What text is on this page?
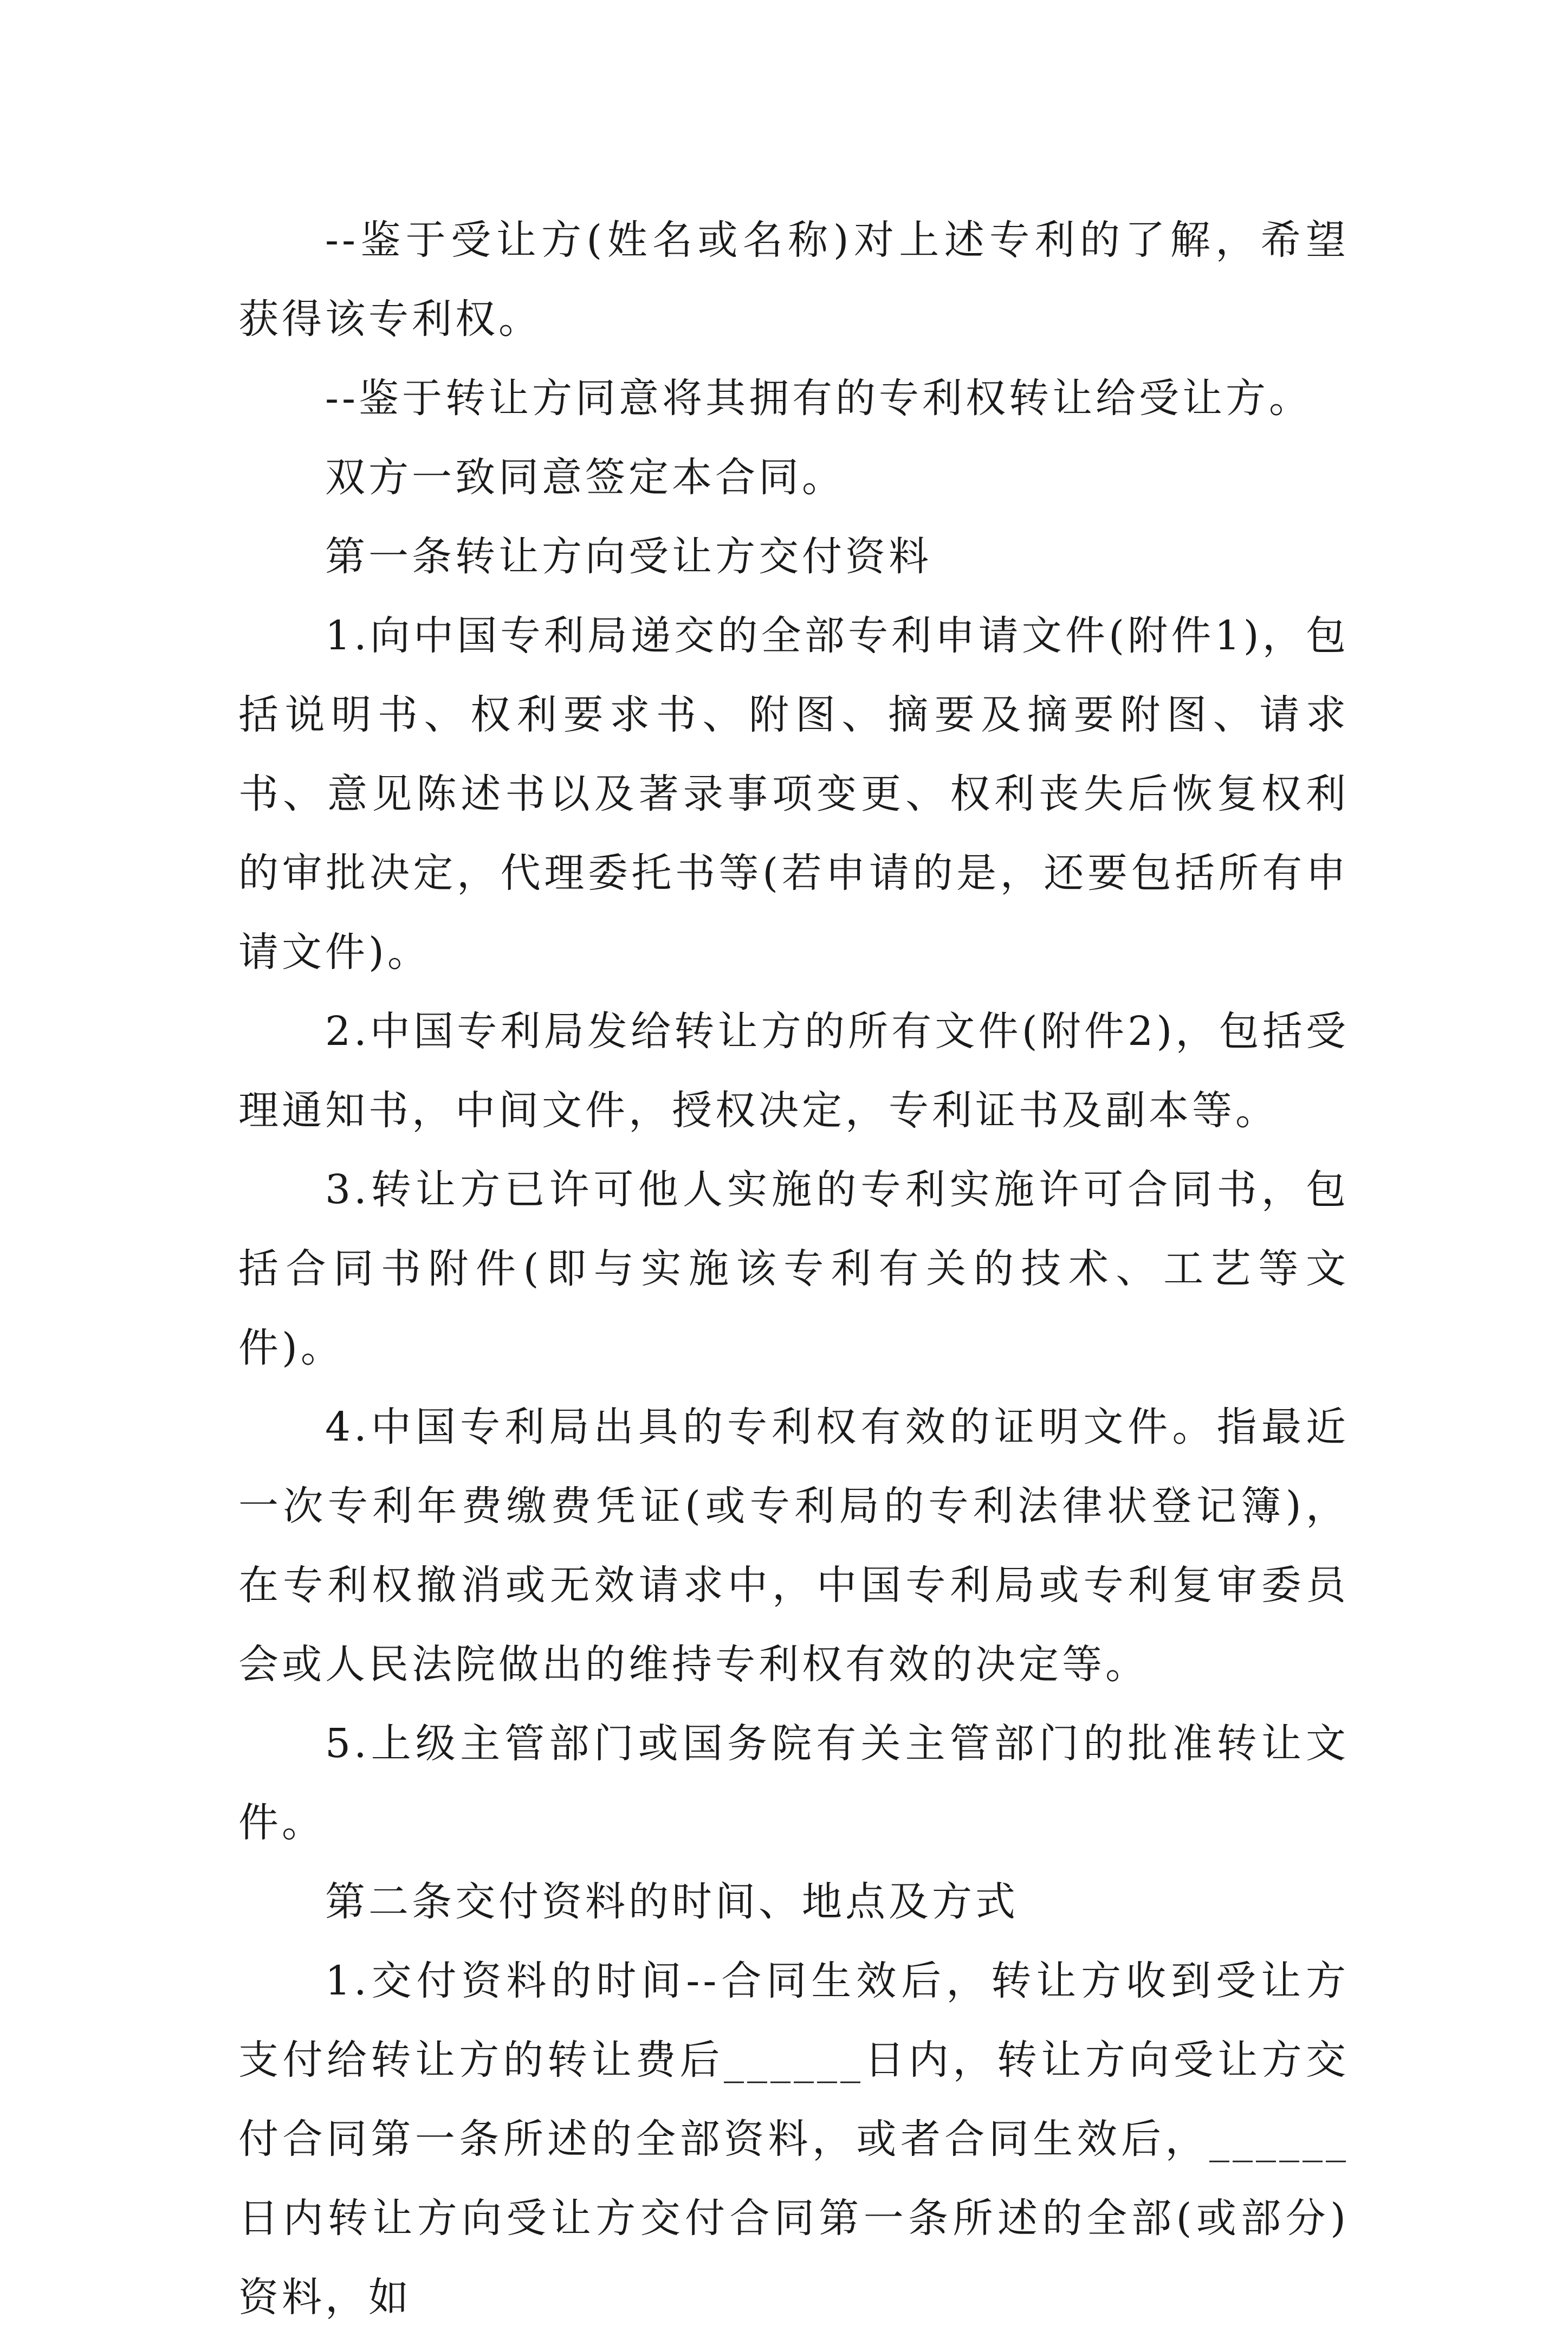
--鉴于受让方(姓名或名称)对上述专利的了解，希望获得该专利权。

--鉴于转让方同意将其拥有的专利权转让给受让方。

双方一致同意签定本合同。

第一条转让方向受让方交付资料

1.向中国专利局递交的全部专利申请文件(附件1)，包括说明书、权利要求书、附图、摘要及摘要附图、请求书、意见陈述书以及著录事项变更、权利丧失后恢复权利的审批决定，代理委托书等(若申请的是，还要包括所有申请文件)。

2.中国专利局发给转让方的所有文件(附件2)，包括受理通知书，中间文件，授权决定，专利证书及副本等。

3.转让方已许可他人实施的专利实施许可合同书，包括合同书附件(即与实施该专利有关的技术、工艺等文件)。

4.中国专利局出具的专利权有效的证明文件。指最近一次专利年费缴费凭证(或专利局的专利法律状登记簿)，在专利权撤消或无效请求中，中国专利局或专利复审委员会或人民法院做出的维持专利权有效的决定等。

5.上级主管部门或国务院有关主管部门的批准转让文件。

第二条交付资料的时间、地点及方式

1.交付资料的时间--合同生效后，转让方收到受让方支付给转让方的转让费后______日内，转让方向受让方交付合同第一条所述的全部资料，或者合同生效后，______日内转让方向受让方交付合同第一条所述的全部(或部分)资料，如
